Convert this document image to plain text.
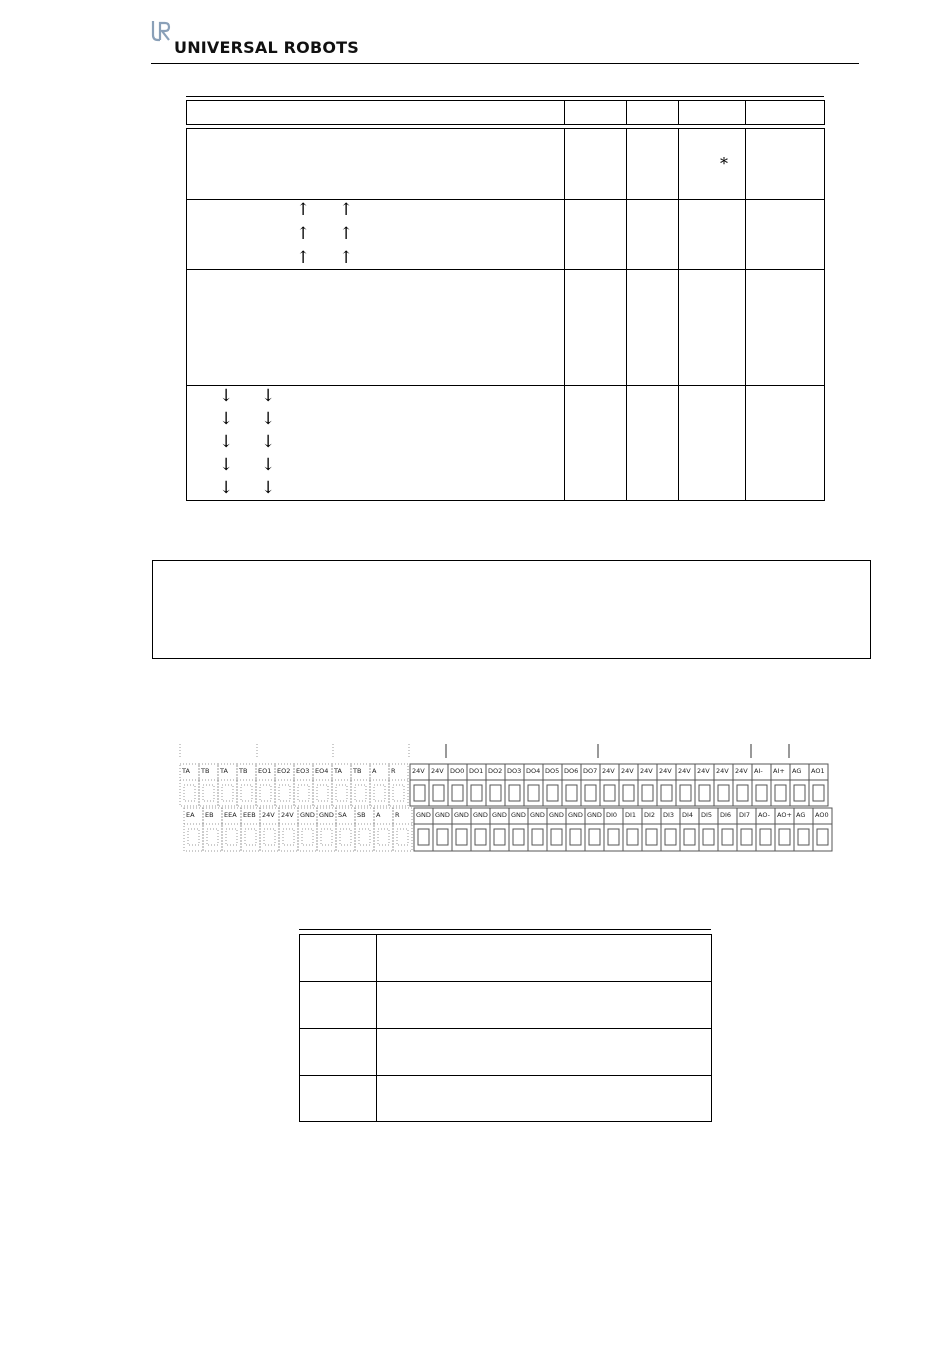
UNIVERSAL ROBOTS
*
↑ ↑
↑ ↑
↑ ↑
↓ ↓
↓ ↓
↓ ↓
↓ ↓
↓ ↓
TA TB TA TB EO1 EO2 EO3 EO4 TA TB A R
EA EB EEA EEB 24V 24V GND GND SA SB A R
24V 24V DO0 DO1 DO2 DO3 DO4 DO5 DO6 DO7 24V 24V 24V 24V 24V 24V 24V 24V AI- AI+ AG AO1
GND GND GND GND GND GND GND GND GND GND DI0 DI1 DI2 DI3 DI4 DI5 DI6 DI7 AO- AO+ AG AO0
